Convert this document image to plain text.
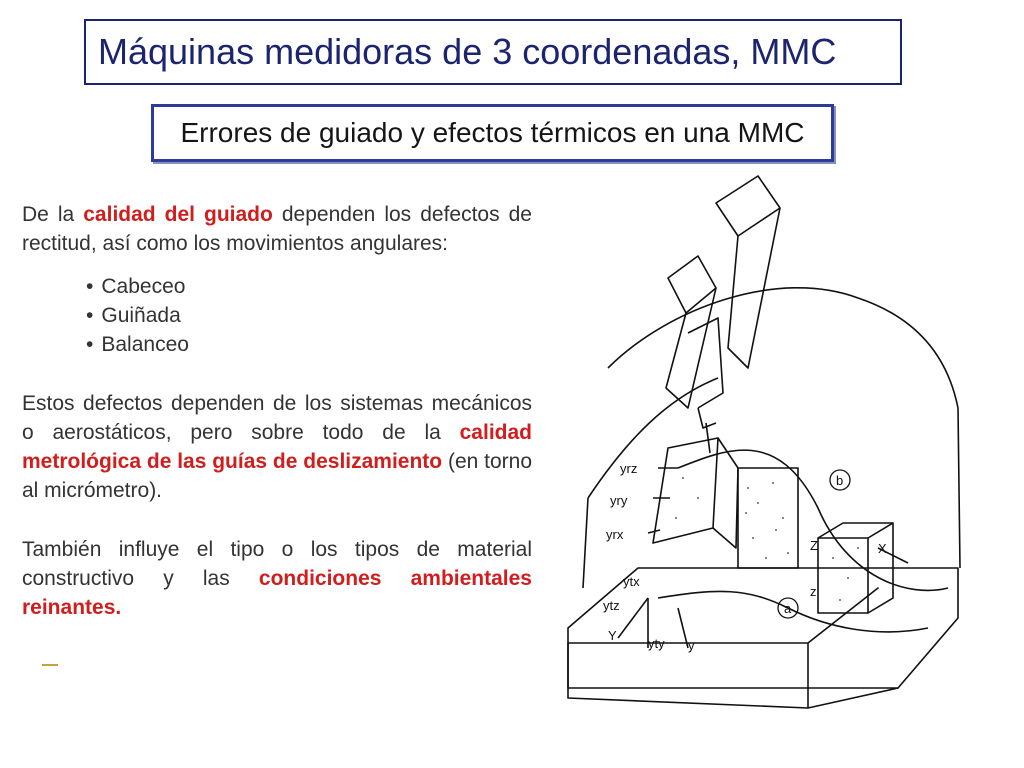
Máquinas medidoras de 3 coordenadas, MMC
Errores de guiado y efectos térmicos en una MMC

De la calidad del guiado dependen los defectos de rectitud, así como los movimientos angulares:

• Cabeceo
• Guiñada
• Balanceo

Estos defectos dependen de los sistemas mecánicos o aerostáticos, pero sobre todo de la calidad metrológica de las guías de deslizamiento (en torno al micrómetro).

También influye el tipo o los tipos de material constructivo y las condiciones ambientales reinantes.

b
a
yrz
yry
yrx
ytx
ytz
Y
yty y
Z
z
X
